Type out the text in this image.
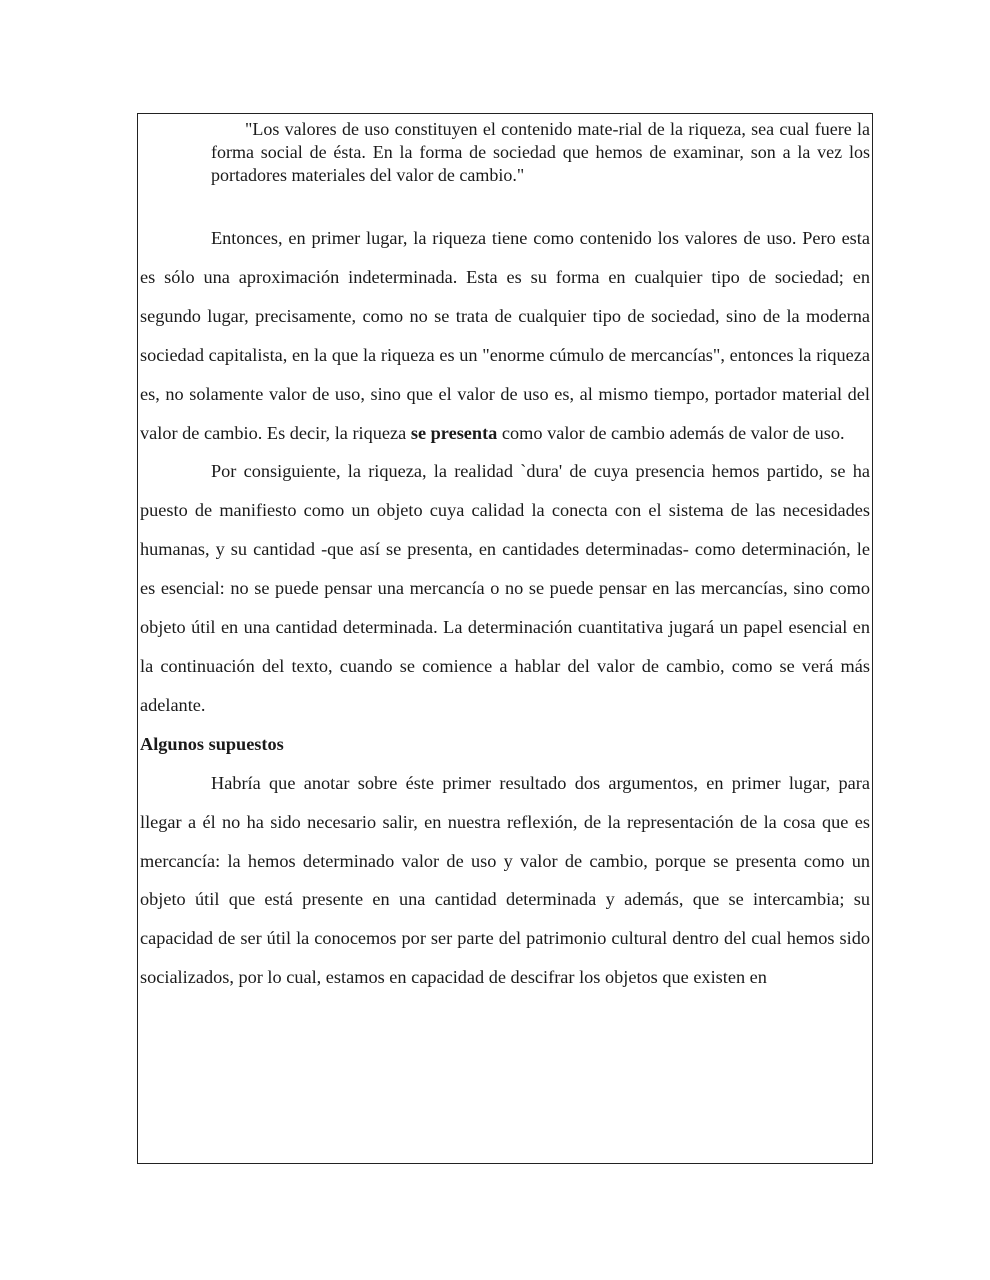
"Los valores de uso constituyen el contenido mate-rial de la riqueza, sea cual fuere la forma social de ésta. En la forma de sociedad que hemos de examinar, son a la vez los portadores materiales del valor de cambio."

Entonces, en primer lugar, la riqueza tiene como contenido los valores de uso. Pero esta es sólo una aproximación indeterminada. Esta es su forma en cualquier tipo de sociedad; en segundo lugar, precisamente, como no se trata de cualquier tipo de sociedad, sino de la moderna sociedad capitalista, en la que la riqueza es un "enorme cúmulo de mercancías", entonces la riqueza es, no solamente valor de uso, sino que el valor de uso es, al mismo tiempo, portador material del valor de cambio. Es decir, la riqueza se presenta como valor de cambio además de valor de uso.

Por consiguiente, la riqueza, la realidad `dura' de cuya presencia hemos partido, se ha puesto de manifiesto como un objeto cuya calidad la conecta con el sistema de las necesidades humanas, y su cantidad -que así se presenta, en cantidades determinadas- como determinación, le es esencial: no se puede pensar una mercancía o no se puede pensar en las mercancías, sino como objeto útil en una cantidad determinada. La determinación cuantitativa jugará un papel esencial en la continuación del texto, cuando se comience a hablar del valor de cambio, como se verá más adelante.

Algunos supuestos

Habría que anotar sobre éste primer resultado dos argumentos, en primer lugar, para llegar a él no ha sido necesario salir, en nuestra reflexión, de la representación de la cosa que es mercancía: la hemos determinado valor de uso y valor de cambio, porque se presenta como un objeto útil que está presente en una cantidad determinada y además, que se intercambia; su capacidad de ser útil la conocemos por ser parte del patrimonio cultural dentro del cual hemos sido socializados, por lo cual, estamos en capacidad de descifrar los objetos que existen en
